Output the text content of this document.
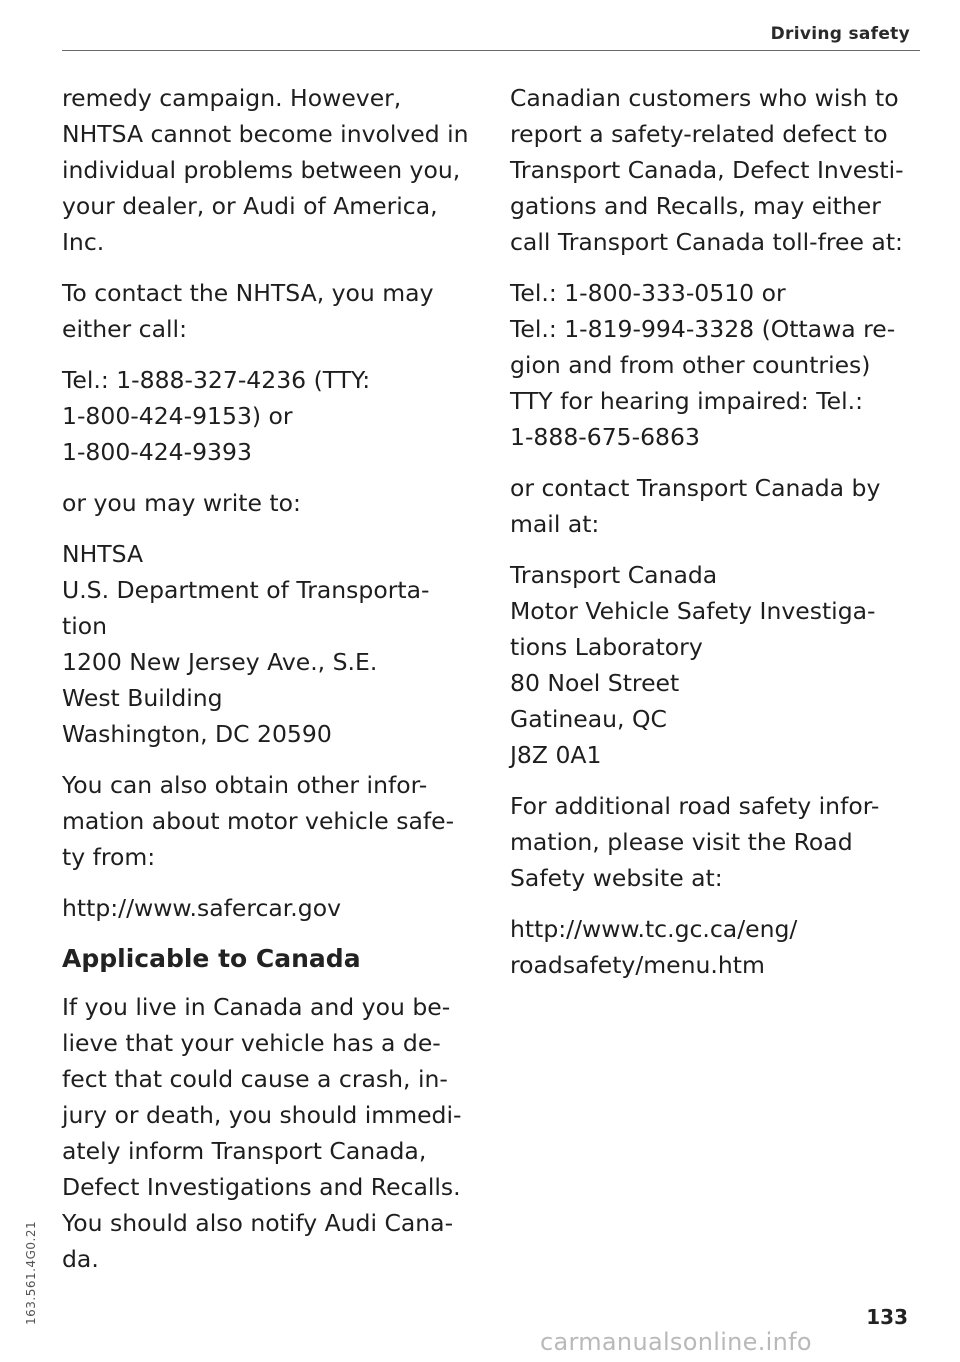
Driving safety

remedy campaign. However,
NHTSA cannot become involved in
individual problems between you,
your dealer, or Audi of America,
Inc.

To contact the NHTSA, you may
either call:

Tel.: 1-888-327-4236 (TTY:
1-800-424-9153) or
1-800-424-9393

or you may write to:

NHTSA
U.S. Department of Transporta-
tion
1200 New Jersey Ave., S.E.
West Building
Washington, DC 20590

You can also obtain other infor-
mation about motor vehicle safe-
ty from:

http://www.safercar.gov

Applicable to Canada

If you live in Canada and you be-
lieve that your vehicle has a de-
fect that could cause a crash, in-
jury or death, you should immedi-
ately inform Transport Canada,
Defect Investigations and Recalls.
You should also notify Audi Cana-
da.

Canadian customers who wish to
report a safety-related defect to
Transport Canada, Defect Investi-
gations and Recalls, may either
call Transport Canada toll-free at:

Tel.: 1-800-333-0510 or
Tel.: 1-819-994-3328 (Ottawa re-
gion and from other countries)
TTY for hearing impaired: Tel.:
1-888-675-6863

or contact Transport Canada by
mail at:

Transport Canada
Motor Vehicle Safety Investiga-
tions Laboratory
80 Noel Street
Gatineau, QC
J8Z 0A1

For additional road safety infor-
mation, please visit the Road
Safety website at:

http://www.tc.gc.ca/eng/
roadsafety/menu.htm

163.561.4G0.21	133
carmanualsonline.info
